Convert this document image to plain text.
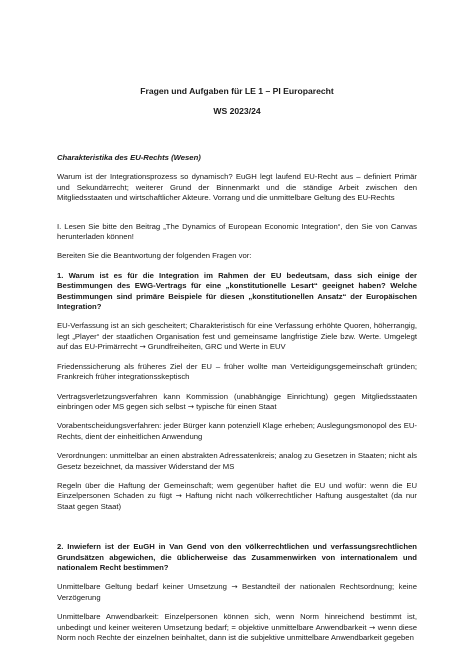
Fragen und Aufgaben für LE 1 – PI Europarecht
WS 2023/24
Charakteristika des EU-Rechts (Wesen)

Warum ist der Integrationsprozess so dynamisch? EuGH legt laufend EU-Recht aus – definiert Primär und Sekundärrecht; weiterer Grund der Binnenmarkt und die ständige Arbeit zwischen den Mitgliedsstaaten und wirtschaftlicher Akteure. Vorrang und die unmittelbare Geltung des EU-Rechts

I. Lesen Sie bitte den Beitrag „The Dynamics of European Economic Integration“, den Sie von Canvas herunterladen können!

Bereiten Sie die Beantwortung der folgenden Fragen vor:

1. Warum ist es für die Integration im Rahmen der EU bedeutsam, dass sich einige der Bestimmungen des EWG-Vertrags für eine „konstitutionelle Lesart“ geeignet haben? Welche Bestimmungen sind primäre Beispiele für diesen „konstitutionellen Ansatz“ der Europäischen Integration?

EU-Verfassung ist an sich gescheitert; Charakteristisch für eine Verfassung erhöhte Quoren, höherrangig, legt „Player“ der staatlichen Organisation fest und gemeinsame langfristige Ziele bzw. Werte. Umgelegt auf das EU-Primärrecht → Grundfreiheiten, GRC und Werte in EUV

Friedenssicherung als früheres Ziel der EU – früher wollte man Verteidigungsgemeinschaft gründen; Frankreich früher integrationsskeptisch

Vertragsverletzungsverfahren kann Kommission (unabhängige Einrichtung) gegen Mitgliedsstaaten einbringen oder MS gegen sich selbst → typische für einen Staat

Vorabentscheidungsverfahren: jeder Bürger kann potenziell Klage erheben; Auslegungsmonopol des EU-Rechts, dient der einheitlichen Anwendung

Verordnungen: unmittelbar an einen abstrakten Adressatenkreis; analog zu Gesetzen in Staaten; nicht als Gesetz bezeichnet, da massiver Widerstand der MS

Regeln über die Haftung der Gemeinschaft; wem gegenüber haftet die EU und wofür: wenn die EU Einzelpersonen Schaden zu fügt → Haftung nicht nach völkerrechtlicher Haftung ausgestaltet (da nur Staat gegen Staat)

2. Inwiefern ist der EuGH in Van Gend von den völkerrechtlichen und verfassungsrechtlichen Grundsätzen abgewichen, die üblicherweise das Zusammenwirken von internationalem und nationalem Recht bestimmen?

Unmittelbare Geltung bedarf keiner Umsetzung → Bestandteil der nationalen Rechtsordnung; keine Verzögerung

Unmittelbare Anwendbarkeit: Einzelpersonen können sich, wenn Norm hinreichend bestimmt ist, unbedingt und keiner weiteren Umsetzung bedarf; = objektive unmittelbare Anwendbarkeit → wenn diese Norm noch Rechte der einzelnen beinhaltet, dann ist die subjektive unmittelbare Anwendbarkeit gegeben
